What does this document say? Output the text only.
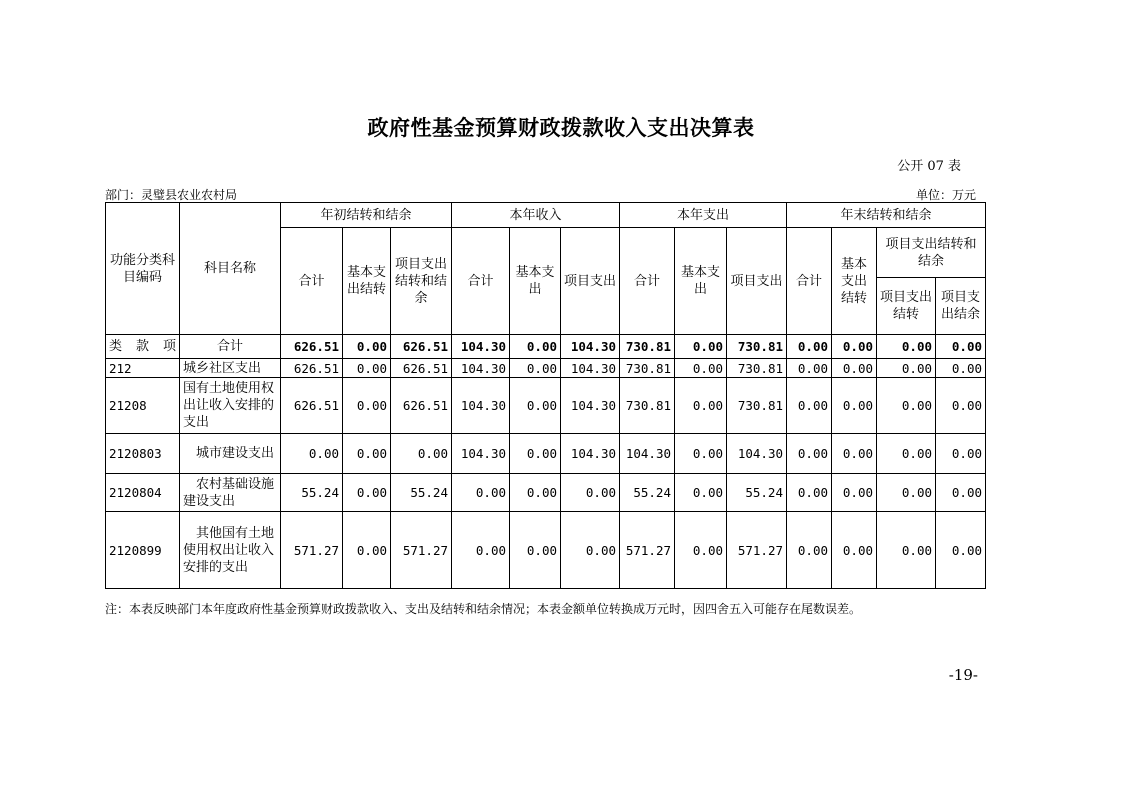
政府性基金预算财政拨款收入支出决算表
公开 07 表
部门：灵璧县农业农村局	单位：万元
功能分类科目编码	科目名称	年初结转和结余			本年收入			本年支出			年末结转和结余			
		合计	基本支出结转	项目支出结转和结余	合计	基本支出	项目支出	合计	基本支出	项目支出	合计	基本支出结转	项目支出结转和结余	
													项目支出结转	项目支出结余

类 款 项	合计	626.51	0.00	626.51	104.30	0.00	104.30	730.81	0.00	730.81	0.00	0.00	0.00	0.00
212	城乡社区支出	626.51	0.00	626.51	104.30	0.00	104.30	730.81	0.00	730.81	0.00	0.00	0.00	0.00
21208	国有土地使用权出让收入安排的支出	626.51	0.00	626.51	104.30	0.00	104.30	730.81	0.00	730.81	0.00	0.00	0.00	0.00
2120803	城市建设支出	0.00	0.00	0.00	104.30	0.00	104.30	104.30	0.00	104.30	0.00	0.00	0.00	0.00
2120804	农村基础设施建设支出	55.24	0.00	55.24	0.00	0.00	0.00	55.24	0.00	55.24	0.00	0.00	0.00	0.00
2120899	其他国有土地使用权出让收入安排的支出	571.27	0.00	571.27	0.00	0.00	0.00	571.27	0.00	571.27	0.00	0.00	0.00	0.00
注：本表反映部门本年度政府性基金预算财政拨款收入、支出及结转和结余情况；本表金额单位转换成万元时，因四舍五入可能存在尾数误差。
-19-
